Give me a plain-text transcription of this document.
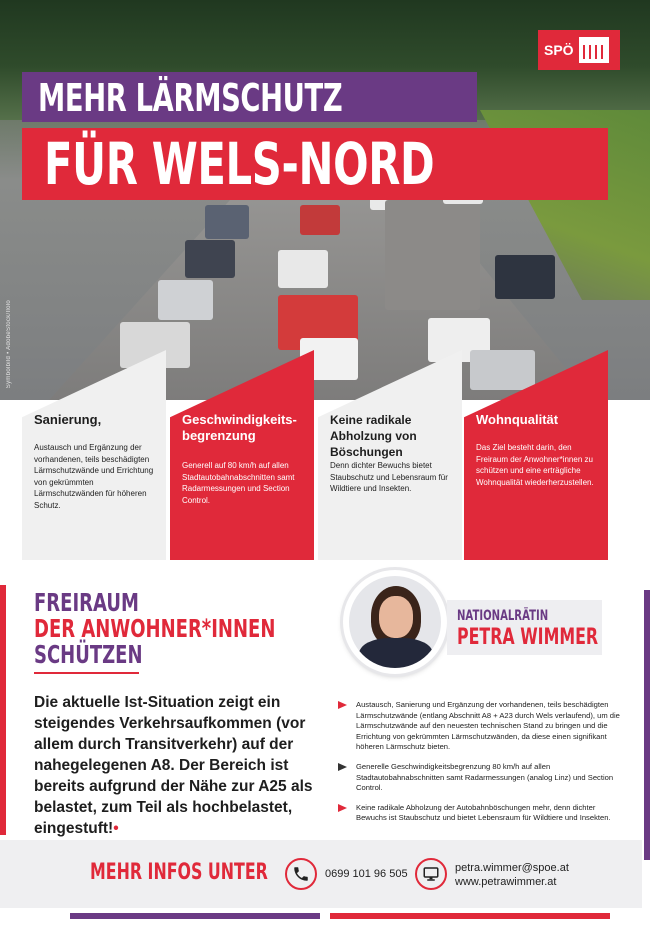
MEHR LÄRMSCHUTZ
FÜR WELS-NORD
SPÖ
Symbolbild • AdobeStock/Ilolo
Sanierung,

Austausch und Ergänzung der vorhandenen, teils beschädigten Lärmschutzwände und Errichtung von gekrümmten Lärmschutzwänden für höheren Schutz.

Geschwindigkeits-begrenzung

Generell auf 80 km/h auf allen Stadtautobahnabschnitten samt Radarmessungen und Section Control.

Keine radikale Abholzung von Böschungen

Denn dichter Bewuchs bietet Staubschutz und Lebensraum für Wildtiere und Insekten.

Wohnqualität

Das Ziel besteht darin, den Freiraum der Anwohner*innen zu schützen und eine erträgliche Wohnqualität wiederherzustellen.

FREIRAUM
DER ANWOHNER*INNEN
SCHÜTZEN
Die aktuelle Ist-Situation zeigt ein steigendes Verkehrsaufkommen (vor allem durch Transitverkehr) auf der nahegelegenen A8. Der Bereich ist bereits aufgrund der Nähe zur A25 als belastet, zum Teil als hochbelastet, eingestuft!•
NATIONALRÄTIN
PETRA WIMMER
Austausch, Sanierung und Ergänzung der vorhandenen, teils beschädigten Lärmschutzwände (entlang Abschnitt A8 + A23 durch Wels verlaufend), um die Lärmschutzwände auf den neuesten technischen Stand zu bringen und die Errichtung von gekrümmten Lärmschutzwänden, da diese einen signifikant höheren Lärmschutz bieten.
Generelle Geschwindigkeitsbegrenzung 80 km/h auf allen Stadtautobahnabschnitten samt Radarmessungen (analog Linz) und Section Control.
Keine radikale Abholzung der Autobahnböschungen mehr, denn dichter Bewuchs ist Staubschutz und bietet Lebensraum für Wildtiere und Insekten.
MEHR INFOS UNTER	0699 101 96 505	petra.wimmer@spoe.at
www.petrawimmer.at
